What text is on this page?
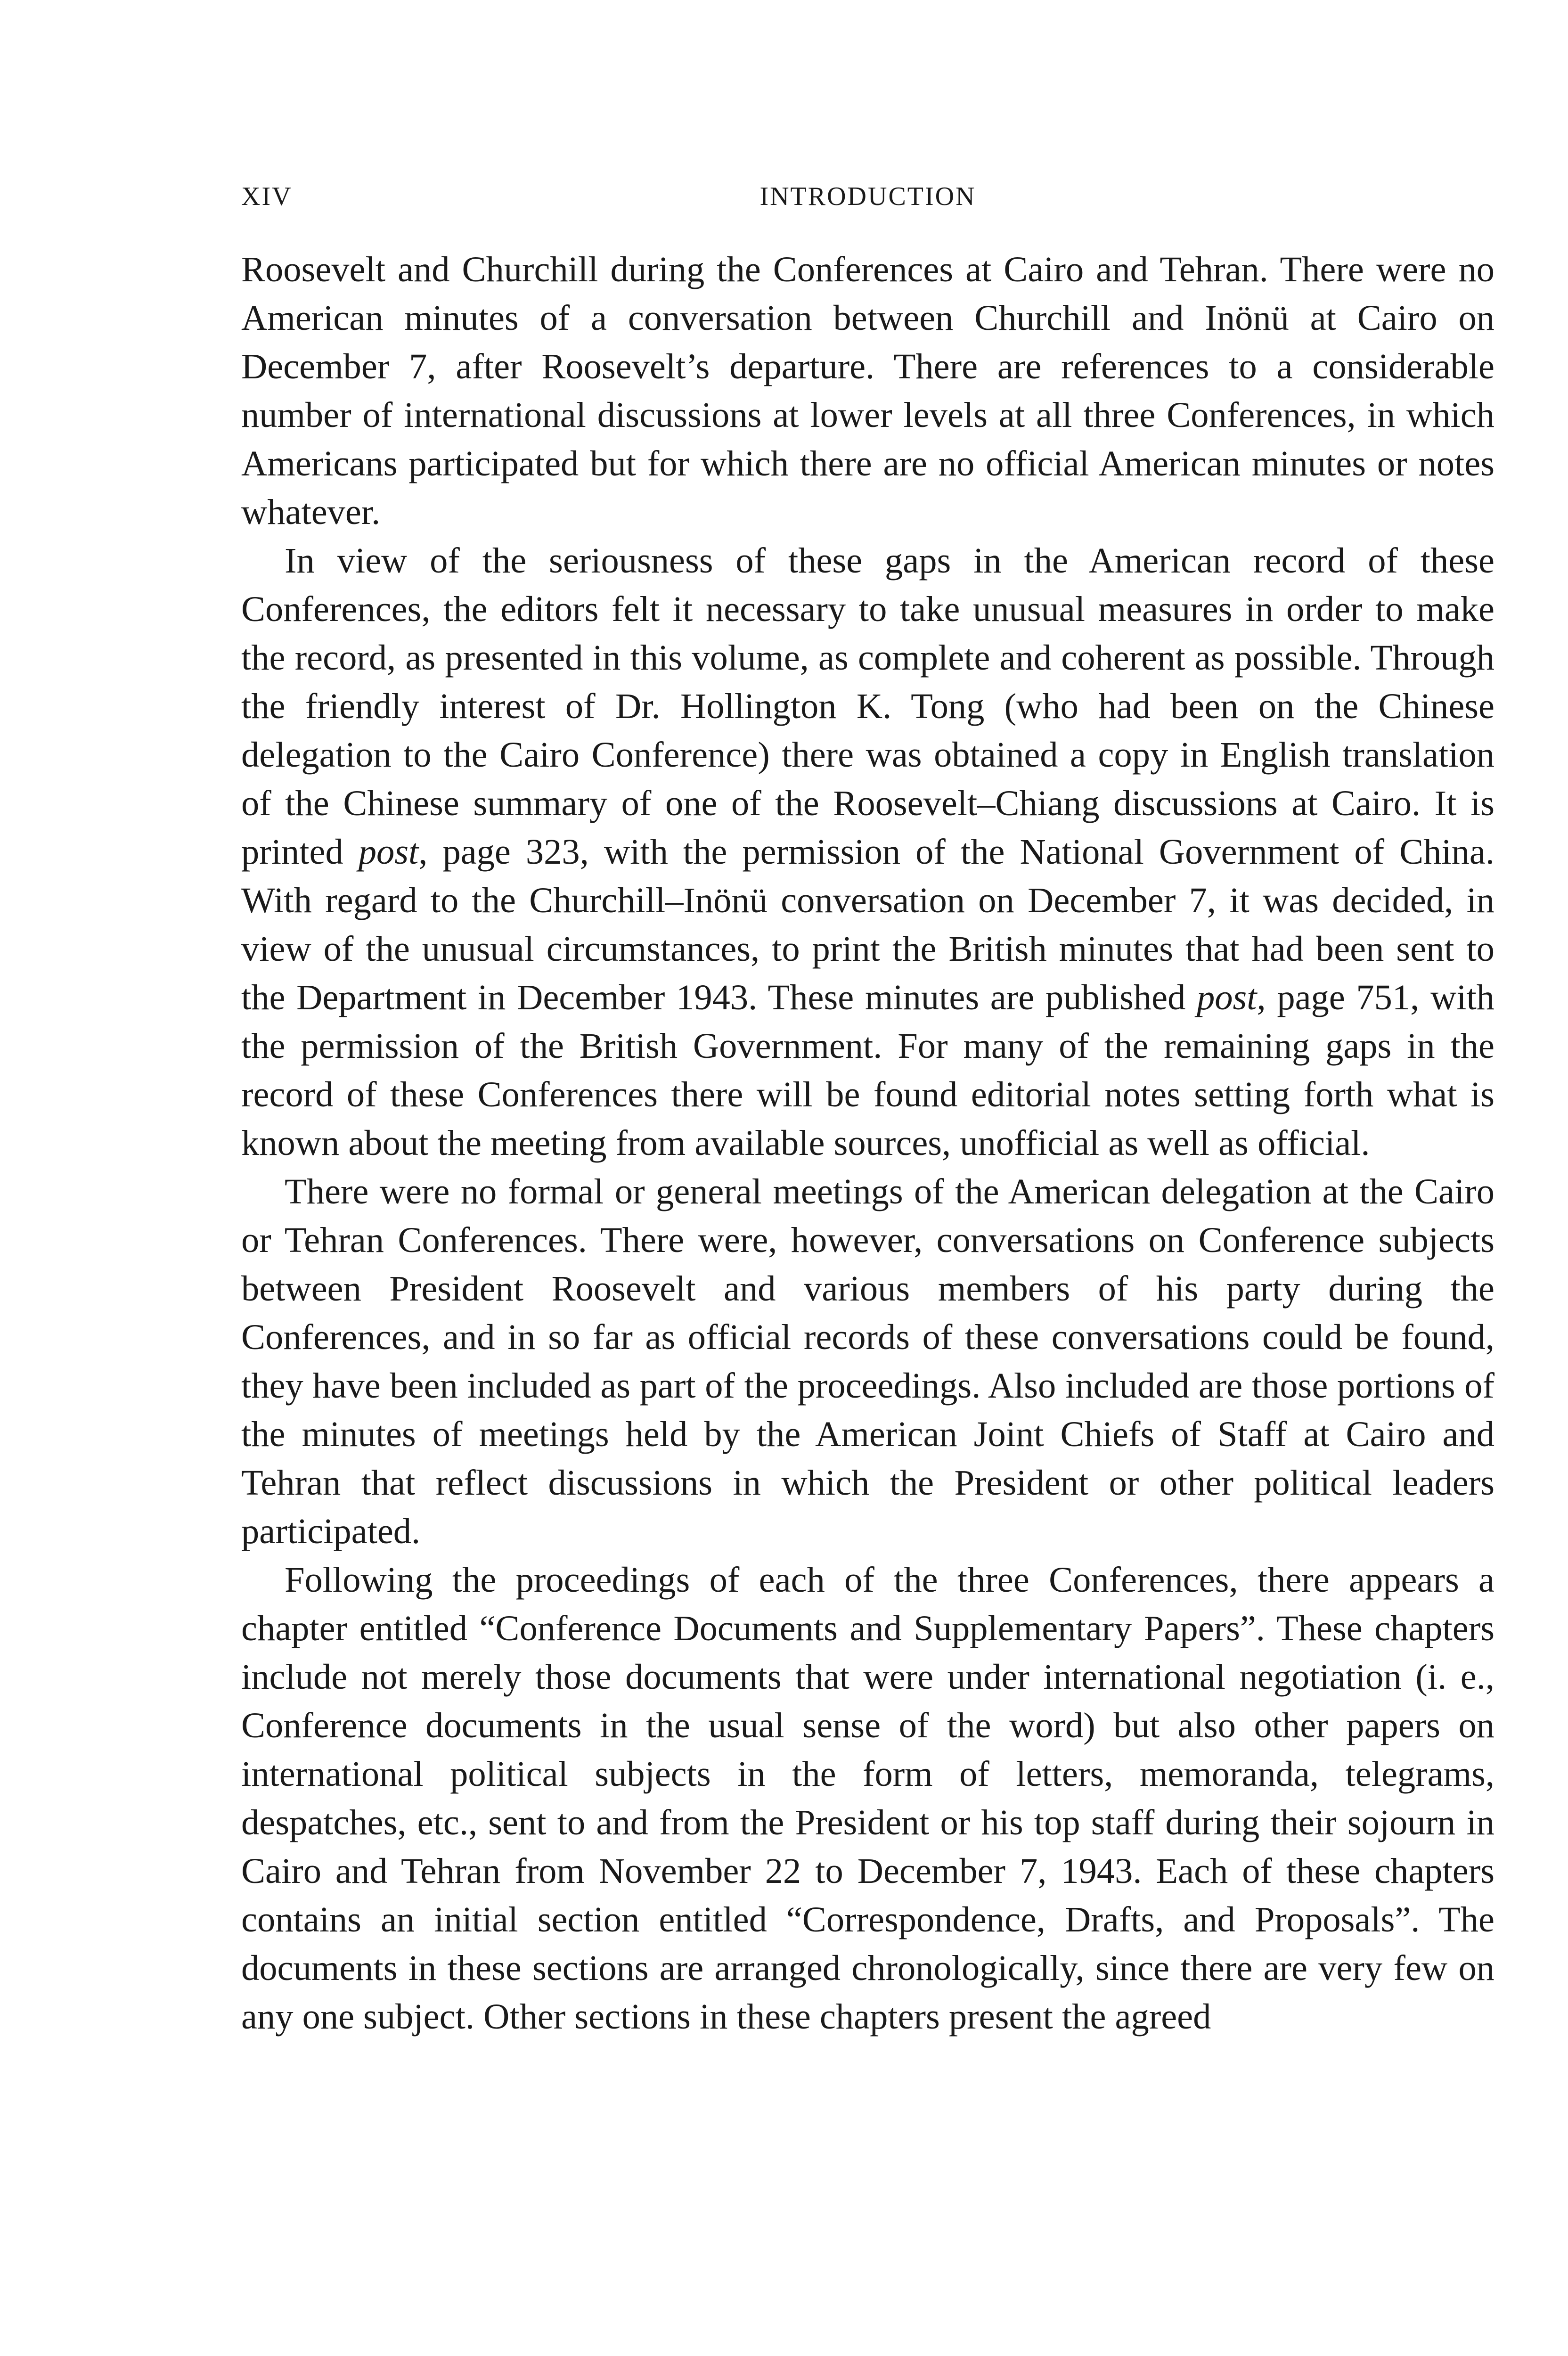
XIV	INTRODUCTION

Roosevelt and Churchill during the Conferences at Cairo and Tehran. There were no American minutes of a conversation between Churchill and Inönü at Cairo on December 7, after Roosevelt’s departure. There are references to a considerable number of international discussions at lower levels at all three Conferences, in which Americans participated but for which there are no official American minutes or notes whatever.

In view of the seriousness of these gaps in the American record of these Conferences, the editors felt it necessary to take unusual measures in order to make the record, as presented in this volume, as complete and coherent as possible. Through the friendly interest of Dr. Hollington K. Tong (who had been on the Chinese delegation to the Cairo Conference) there was obtained a copy in English translation of the Chinese summary of one of the Roosevelt–Chiang discussions at Cairo. It is printed post, page 323, with the permission of the National Government of China. With regard to the Churchill–Inönü conversation on December 7, it was decided, in view of the unusual circumstances, to print the British minutes that had been sent to the Department in December 1943. These minutes are published post, page 751, with the permission of the British Government. For many of the remaining gaps in the record of these Conferences there will be found editorial notes setting forth what is known about the meeting from available sources, unofficial as well as official.

There were no formal or general meetings of the American delegation at the Cairo or Tehran Conferences. There were, however, conversations on Conference subjects between President Roosevelt and various members of his party during the Conferences, and in so far as official records of these conversations could be found, they have been included as part of the proceedings. Also included are those portions of the minutes of meetings held by the American Joint Chiefs of Staff at Cairo and Tehran that reflect discussions in which the President or other political leaders participated.

Following the proceedings of each of the three Conferences, there appears a chapter entitled “Conference Documents and Supplementary Papers”. These chapters include not merely those documents that were under international negotiation (i. e., Conference documents in the usual sense of the word) but also other papers on international political subjects in the form of letters, memoranda, telegrams, despatches, etc., sent to and from the President or his top staff during their sojourn in Cairo and Tehran from November 22 to December 7, 1943. Each of these chapters contains an initial section entitled “Correspondence, Drafts, and Proposals”. The documents in these sections are arranged chronologically, since there are very few on any one subject. Other sections in these chapters present the agreed
